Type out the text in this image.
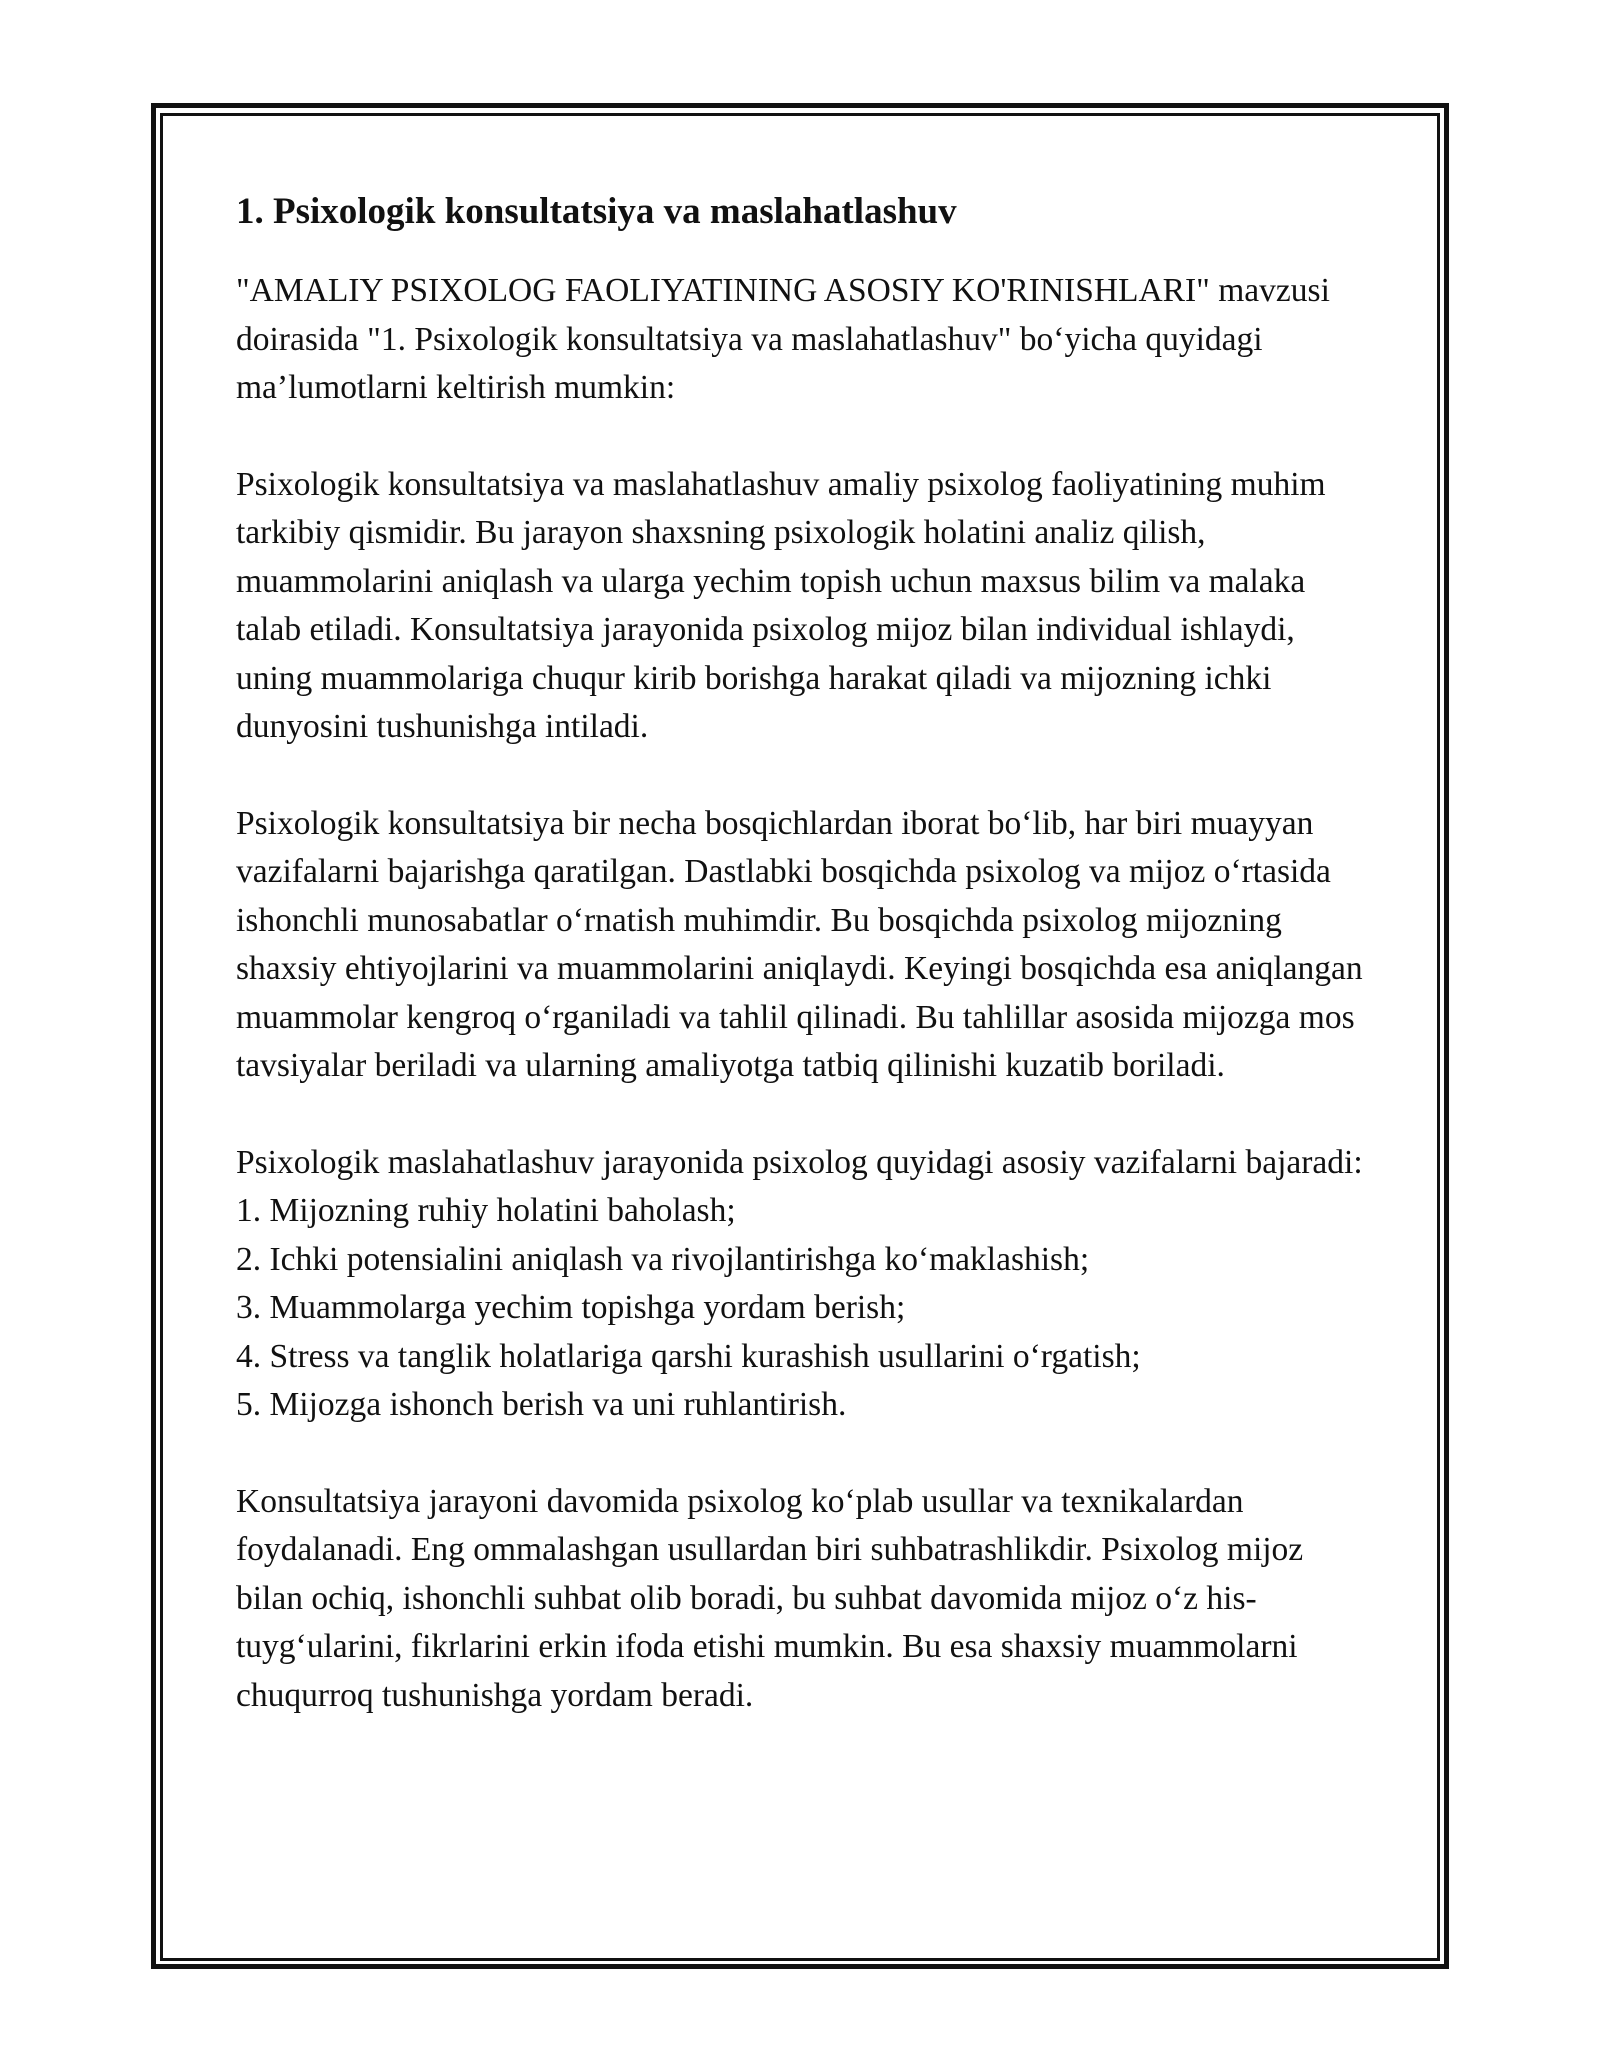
1. Psixologik konsultatsiya va maslahatlashuv

"AMALIY PSIXOLOG FAOLIYATINING ASOSIY KO'RINISHLARI" mavzusi doirasida "1. Psixologik konsultatsiya va maslahatlashuv" bo‘yicha quyidagi ma’lumotlarni keltirish mumkin:

Psixologik konsultatsiya va maslahatlashuv amaliy psixolog faoliyatining muhim tarkibiy qismidir. Bu jarayon shaxsning psixologik holatini analiz qilish, muammolarini aniqlash va ularga yechim topish uchun maxsus bilim va malaka talab etiladi. Konsultatsiya jarayonida psixolog mijoz bilan individual ishlaydi, uning muammolariga chuqur kirib borishga harakat qiladi va mijozning ichki dunyosini tushunishga intiladi.

Psixologik konsultatsiya bir necha bosqichlardan iborat bo‘lib, har biri muayyan vazifalarni bajarishga qaratilgan. Dastlabki bosqichda psixolog va mijoz o‘rtasida ishonchli munosabatlar o‘rnatish muhimdir. Bu bosqichda psixolog mijozning shaxsiy ehtiyojlarini va muammolarini aniqlaydi. Keyingi bosqichda esa aniqlangan muammolar kengroq o‘rganiladi va tahlil qilinadi. Bu tahlillar asosida mijozga mos tavsiyalar beriladi va ularning amaliyotga tatbiq qilinishi kuzatib boriladi.

Psixologik maslahatlashuv jarayonida psixolog quyidagi asosiy vazifalarni bajaradi:

1. Mijozning ruhiy holatini baholash;
2. Ichki potensialini aniqlash va rivojlantirishga ko‘maklashish;
3. Muammolarga yechim topishga yordam berish;
4. Stress va tanglik holatlariga qarshi kurashish usullarini o‘rgatish;
5. Mijozga ishonch berish va uni ruhlantirish.

Konsultatsiya jarayoni davomida psixolog ko‘plab usullar va texnikalardan foydalanadi. Eng ommalashgan usullardan biri suhbatrashlikdir. Psixolog mijoz bilan ochiq, ishonchli suhbat olib boradi, bu suhbat davomida mijoz o‘z his-tuyg‘ularini, fikrlarini erkin ifoda etishi mumkin. Bu esa shaxsiy muammolarni chuqurroq tushunishga yordam beradi.
